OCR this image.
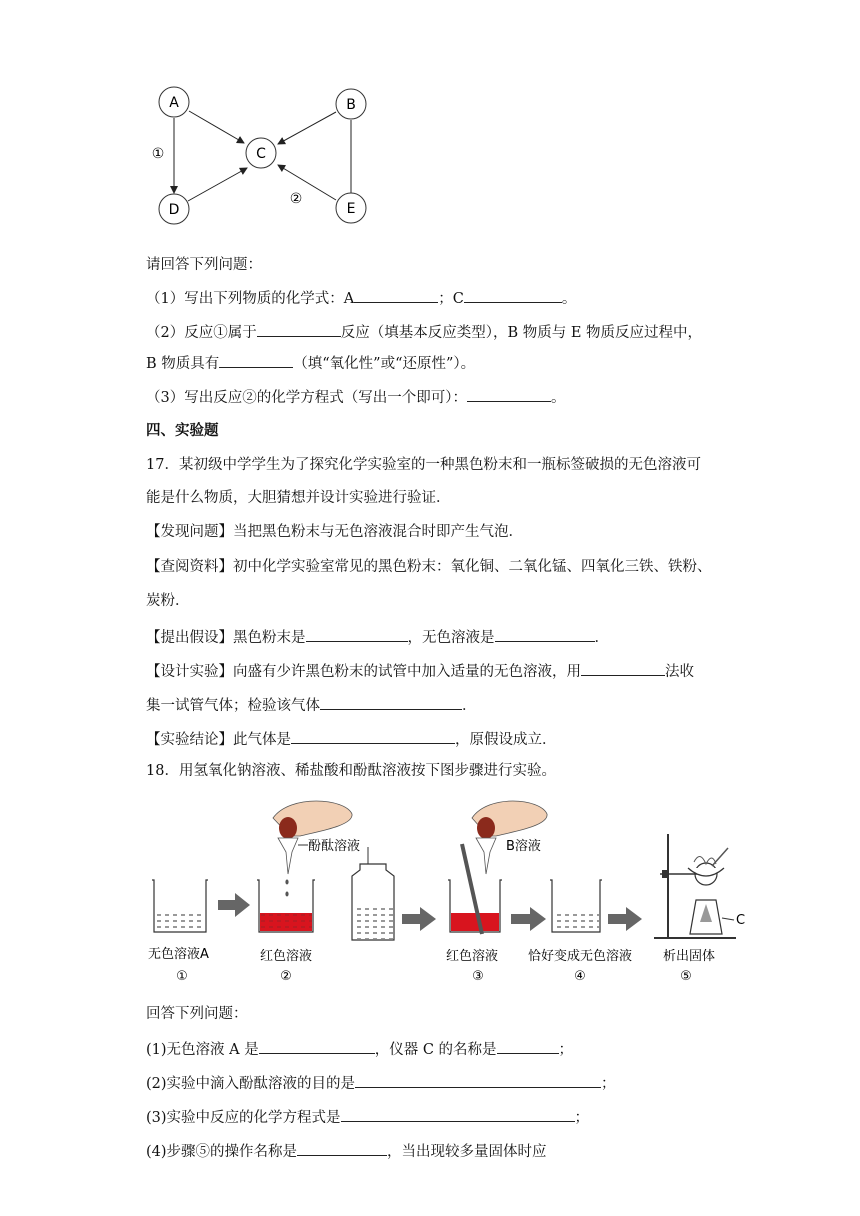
A	B
C
D	E
①
②
请回答下列问题：
（1）写出下列物质的化学式：A	；C	。
（2）反应①属于	反应（填基本反应类型），B 物质与 E 物质反应过程中，
B 物质具有	（填“氧化性”或“还原性”）。
（3）写出反应②的化学方程式（写出一个即可）：	。
四、实验题
17．某初级中学学生为了探究化学实验室的一种黑色粉末和一瓶标签破损的无色溶液可
能是什么物质，大胆猜想并设计实验进行验证．
【发现问题】当把黑色粉末与无色溶液混合时即产生气泡．
【查阅资料】初中化学实验室常见的黑色粉末：氧化铜、二氧化锰、四氧化三铁、铁粉、
炭粉．
【提出假设】黑色粉末是	，无色溶液是	．
【设计实验】向盛有少许黑色粉末的试管中加入适量的无色溶液，用	法收
集一试管气体；检验该气体	．
【实验结论】此气体是	，原假设成立．
18．用氢氧化钠溶液、稀盐酸和酚酞溶液按下图步骤进行实验。
酚酞溶液	B溶液
C
无色溶液A	红色溶液	红色溶液 恰好变成无色溶液 析出固体
①	②	③	④	⑤
回答下列问题：
(1)无色溶液 A 是	，仪器 C 的名称是	；
(2)实验中滴入酚酞溶液的目的是	；
(3)实验中反应的化学方程式是	；
(4)步骤⑤的操作名称是	，当出现较多量固体时应
